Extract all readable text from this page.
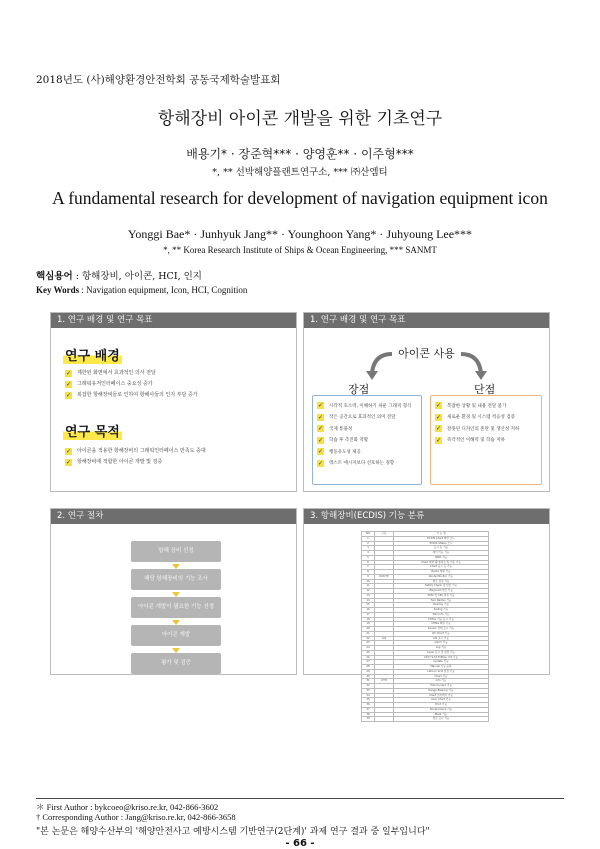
2018년도 (사)해양환경안전학회 공동국제학술발표회
항해장비 아이콘 개발을 위한 기초연구
배용기* · 장준혁*** · 양영훈** · 이주형***
*, ** 선박해양플랜트연구소, *** ㈜산엠티
A fundamental research for development of navigation equipment icon
Yonggi Bae* · Junhyuk Jang** · Younghoon Yang* · Juhyoung Lee***
*, ** Korea Research Institute of Ships & Ocean Engineering, *** SANMT
핵심용어 : 항해장비, 아이콘, HCI, 인지
Key Words : Navigation equipment, Icon, HCI, Cognition
1. 연구 배경 및 연구 목표
연구 배경
✓ 제한된 화면에서 효과적인 의사 전달
✓ 그래픽유저인터페이스 중요성 증가
✓ 복잡한 항해장비들로 인하여 항해사들의 인지 부담 증가
연구 목적
✓ 아이콘을 적용한 항해장비의 그래픽인터페이스 만족도 증대
✓ 항해장비에 적합한 아이콘 개발 및 검증
1. 연구 배경 및 연구 목표
아이콘 사용
장점	단점
✓ 시각적 호소력, 이해하기 쉬운 그래픽 형식
✓ 작은 공간으로 효과적인 의미 전달
✓ 국제 통용성
✓ 학습 후 측진화 역활
✓ 행동유도성 제공
✓ 텍스트 에시지보다 선호하는 경향
✓ 복잡한 상황 및 내용 전달 불가
✓ 새로운 환경 및 시스템 적응성 검증
✓ 잘못된 디자인의 혼란 및 생산성 저하
✓ 즉각적인 이해력 및 학습 저하
2. 연구 절차
항해 장비 선정
해당 항해장비의 기능 조사
아이콘 개발이 필요한 기능 선정
아이콘 개발
평가 및 검증
3. 항해장비(ECDIS) 기능 분류
NO	구분	기 능 명
1		ECDIS Chart 화면 모드
2		ECDIS Status 모드
3		표시 등 기능
4		레이 기능 기능
5		ARPA 기능
6		Chart 화면 확대/축소 및 이동 기능
7		Chart 표시 등 기능
8		Route 계획 기능
9	ROUTE	Route Monitor 기능
10		항로 점검 기능
11		Safety Check 및 알람 기능
12		Waypoint 편집 기능
13		TCPA 및 CPA 설정 기능
14		Turn Radius 기능
15		Overlay 기능
16		Sailing 기능
17		Nav Info 기능
18		TOTAL 기능 표시 기능
19		CHNG 화면 기능
20		Sensor 상태 표시 기능
21		RC Chart 기능
22	AIS	AIS 표시 기능
23		Alarm 기능
24		Log 기능
25		Layer 표시 및 설정 기능
26		2017 S-57 Edition 3.0 기능
27		Update 기능
28		Manual 기능 등록
29		Lat/Lon Grid 설정 기능
30		Chart 기능
31	OTH	Info 기능
32		Tide Current 기능
33		Range Bearing 기능
34		Chart 오버레이 기능
35		User Chart 기능
36		Print 기능
37		Route Check 기능
38		Mark 기능
39		경보 표시 기능
＊ First Author : bykcoeo@kriso.re.kr, 042-866-3602
† Corresponding Author : Jang@kriso.re.kr, 042-866-3658
"본 논문은 해양수산부의 '해양안전사고 예방시스템 기반연구(2단계)' 과제 연구 결과 중 일부입니다"
- 66 -
